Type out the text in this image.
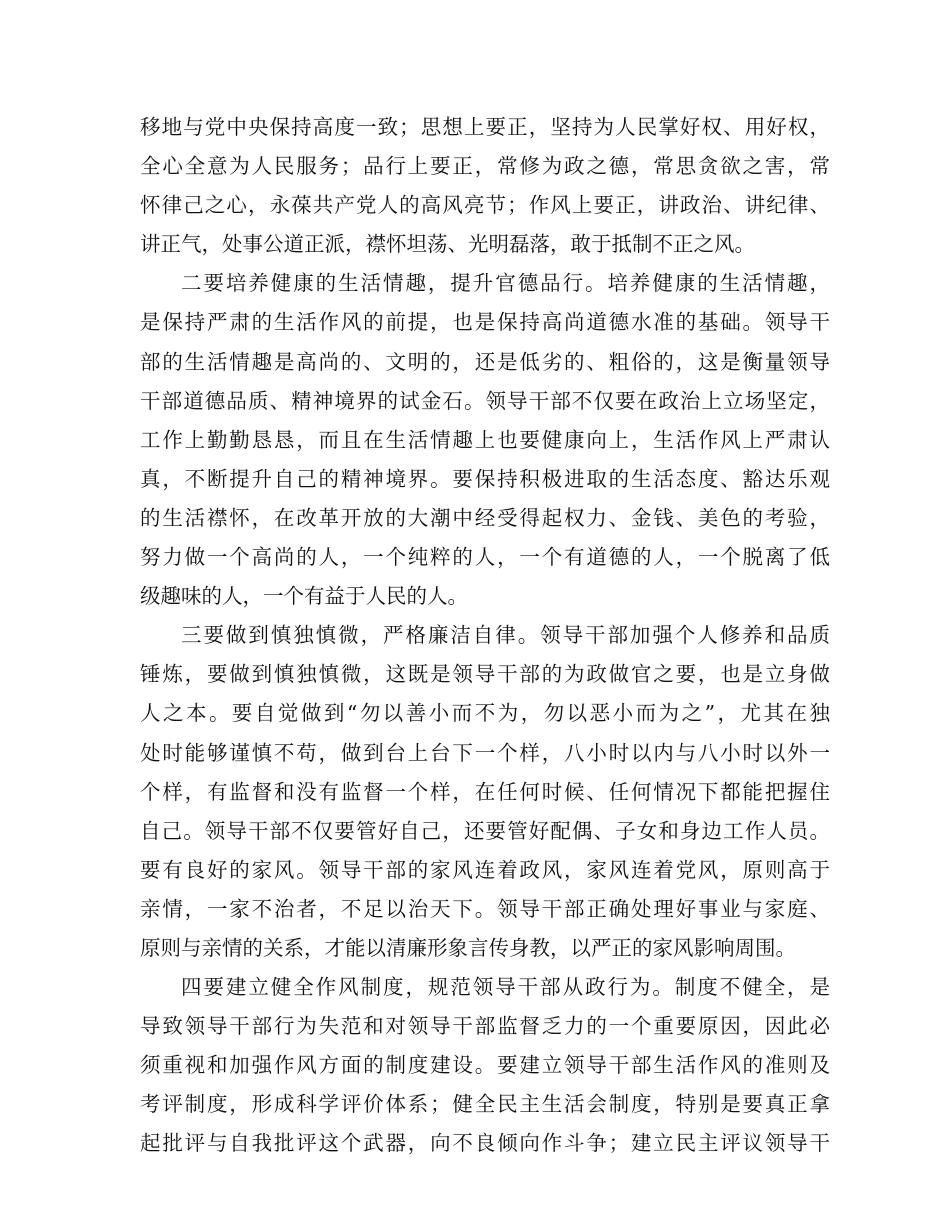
移地与党中央保持高度一致；思想上要正，坚持为人民掌好权、用好权，
全心全意为人民服务；品行上要正，常修为政之德，常思贪欲之害，常
怀律己之心，永葆共产党人的高风亮节；作风上要正，讲政治、讲纪律、
讲正气，处事公道正派，襟怀坦荡、光明磊落，敢于抵制不正之风。
二要培养健康的生活情趣，提升官德品行。培养健康的生活情趣，
是保持严肃的生活作风的前提，也是保持高尚道德水准的基础。领导干
部的生活情趣是高尚的、文明的，还是低劣的、粗俗的，这是衡量领导
干部道德品质、精神境界的试金石。领导干部不仅要在政治上立场坚定，
工作上勤勤恳恳，而且在生活情趣上也要健康向上，生活作风上严肃认
真，不断提升自己的精神境界。要保持积极进取的生活态度、豁达乐观
的生活襟怀，在改革开放的大潮中经受得起权力、金钱、美色的考验，
努力做一个高尚的人，一个纯粹的人，一个有道德的人，一个脱离了低
级趣味的人，一个有益于人民的人。
三要做到慎独慎微，严格廉洁自律。领导干部加强个人修养和品质
锤炼，要做到慎独慎微，这既是领导干部的为政做官之要，也是立身做
人之本。要自觉做到“勿以善小而不为，勿以恶小而为之”，尤其在独
处时能够谨慎不苟，做到台上台下一个样，八小时以内与八小时以外一
个样，有监督和没有监督一个样，在任何时候、任何情况下都能把握住
自己。领导干部不仅要管好自己，还要管好配偶、子女和身边工作人员。
要有良好的家风。领导干部的家风连着政风，家风连着党风，原则高于
亲情，一家不治者，不足以治天下。领导干部正确处理好事业与家庭、
原则与亲情的关系，才能以清廉形象言传身教，以严正的家风影响周围。
四要建立健全作风制度，规范领导干部从政行为。制度不健全，是
导致领导干部行为失范和对领导干部监督乏力的一个重要原因，因此必
须重视和加强作风方面的制度建设。要建立领导干部生活作风的准则及
考评制度，形成科学评价体系；健全民主生活会制度，特别是要真正拿
起批评与自我批评这个武器，向不良倾向作斗争；建立民主评议领导干
